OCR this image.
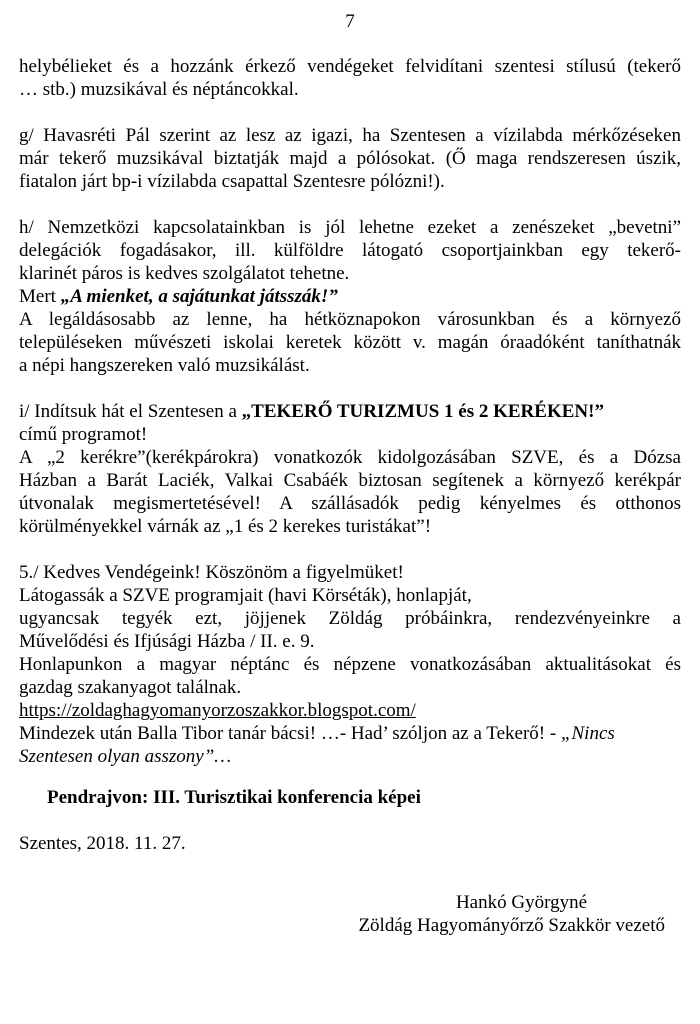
7

helybélieket és a hozzánk érkező vendégeket felvidítani szentesi stílusú (tekerő

… stb.) muzsikával és néptáncokkal.

g/ Havasréti Pál szerint az lesz az igazi, ha Szentesen a vízilabda mérkőzéseken

már tekerő muzsikával biztatják majd a pólósokat. (Ő maga rendszeresen úszik,

fiatalon járt bp-i vízilabda csapattal Szentesre pólózni!).

h/ Nemzetközi kapcsolatainkban is jól lehetne ezeket a zenészeket „bevetni”

delegációk fogadásakor, ill. külföldre látogató csoportjainkban egy tekerő-

klarinét páros is kedves szolgálatot tehetne.

Mert „A mienket, a sajátunkat játsszák!”

A legáldásosabb az lenne, ha hétköznapokon városunkban és a környező

településeken művészeti iskolai keretek között v. magán óraadóként taníthatnák

a népi hangszereken való muzsikálást.

i/ Indítsuk hát el Szentesen a „TEKERŐ TURIZMUS 1 és 2 KERÉKEN!”

című programot!

A „2 kerékre”(kerékpárokra) vonatkozók kidolgozásában SZVE, és a Dózsa

Házban a Barát Laciék, Valkai Csabáék biztosan segítenek a környező kerékpár

útvonalak megismertetésével! A szállásadók pedig kényelmes és otthonos

körülményekkel várnák az „1 és 2 kerekes turistákat”!

5./ Kedves Vendégeink! Köszönöm a figyelmüket!

Látogassák a SZVE programjait (havi Körséták), honlapját,

ugyancsak tegyék ezt, jöjjenek Zöldág próbáinkra, rendezvényeinkre a

Művelődési és Ifjúsági Házba / II. e. 9.

Honlapunkon a magyar néptánc és népzene vonatkozásában aktualitásokat és

gazdag szakanyagot találnak.

https://zoldaghagyomanyorzoszakkor.blogspot.com/

Mindezek után Balla Tibor tanár bácsi! …- Had’ szóljon az a Tekerő! - „Nincs

Szentesen olyan asszony”…

Pendrajvon: III. Turisztikai konferencia képei

Szentes, 2018. 11. 27.

Hankó Györgyné
Zöldág Hagyományőrző Szakkör vezető
